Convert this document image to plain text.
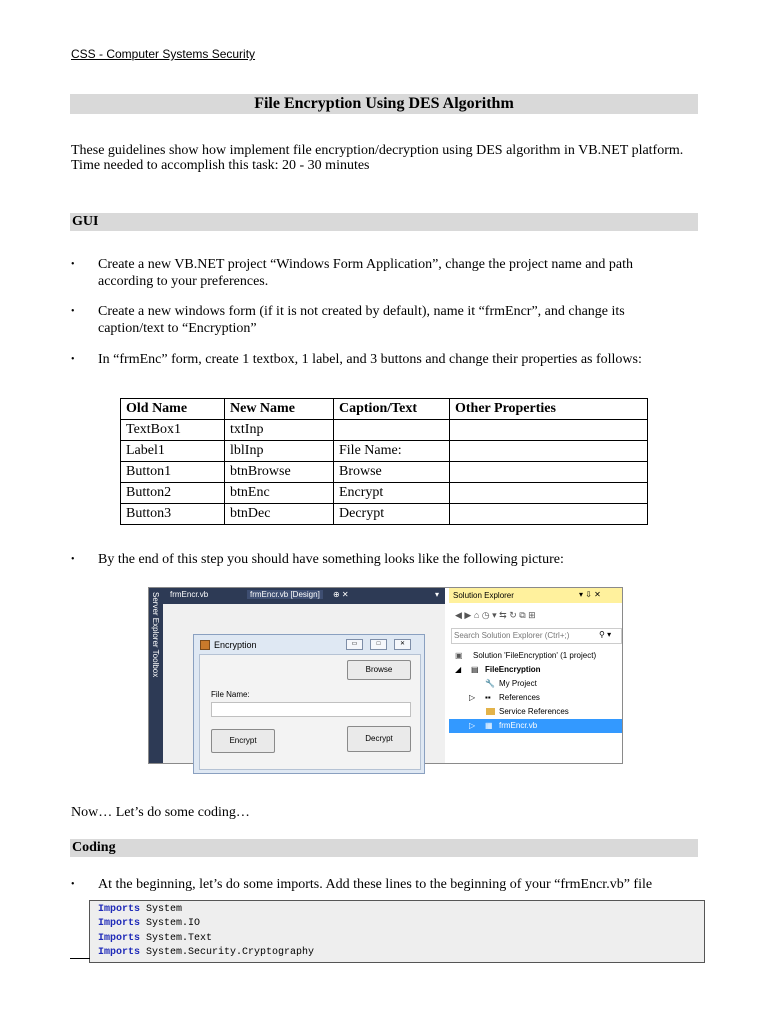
CSS - Computer Systems Security
File Encryption Using DES Algorithm
These guidelines show how implement file encryption/decryption using DES algorithm in VB.NET platform.
Time needed to accomplish this task: 20 - 30 minutes
GUI
• Create a new VB.NET project “Windows Form Application”, change the project name and path according to your preferences.
• Create a new windows form (if it is not created by default), name it “frmEncr”, and change its caption/text to “Encryption”
• In “frmEnc” form, create 1 textbox, 1 label, and 3 buttons and change their properties as follows:
Old Name	New Name	Caption/Text	Other Properties
TextBox1	txtInp		
Label1	lblInp	File Name:	
Button1	btnBrowse	Browse	
Button2	btnEnc	Encrypt	
Button3	btnDec	Decrypt	
• By the end of this step you should have something looks like the following picture:
Server Explorer Toolbox frmEncr.vb	frmEncr.vb [Design]	⊕ ✕	▾
Encryption	▭	□	✕
Browse
File Name:
Encrypt	Decrypt
Solution Explorer	▾ ⇩ ✕
◀ ▶ ⌂ ◷ ▾ ⇆ ↻ ⧉ ⊞
Search Solution Explorer (Ctrl+;)	⚲ ▾
▣ Solution 'FileEncryption' (1 project)
◢ ▤ FileEncryption
🔧 My Project
▷ ▪▪ References
Service References
▷ ▦ frmEncr.vb
Now… Let’s do some coding…
Coding
• At the beginning, let’s do some imports. Add these lines to the beginning of your “frmEncr.vb” file
Imports System
Imports System.IO
Imports System.Text
Imports System.Security.Cryptography
